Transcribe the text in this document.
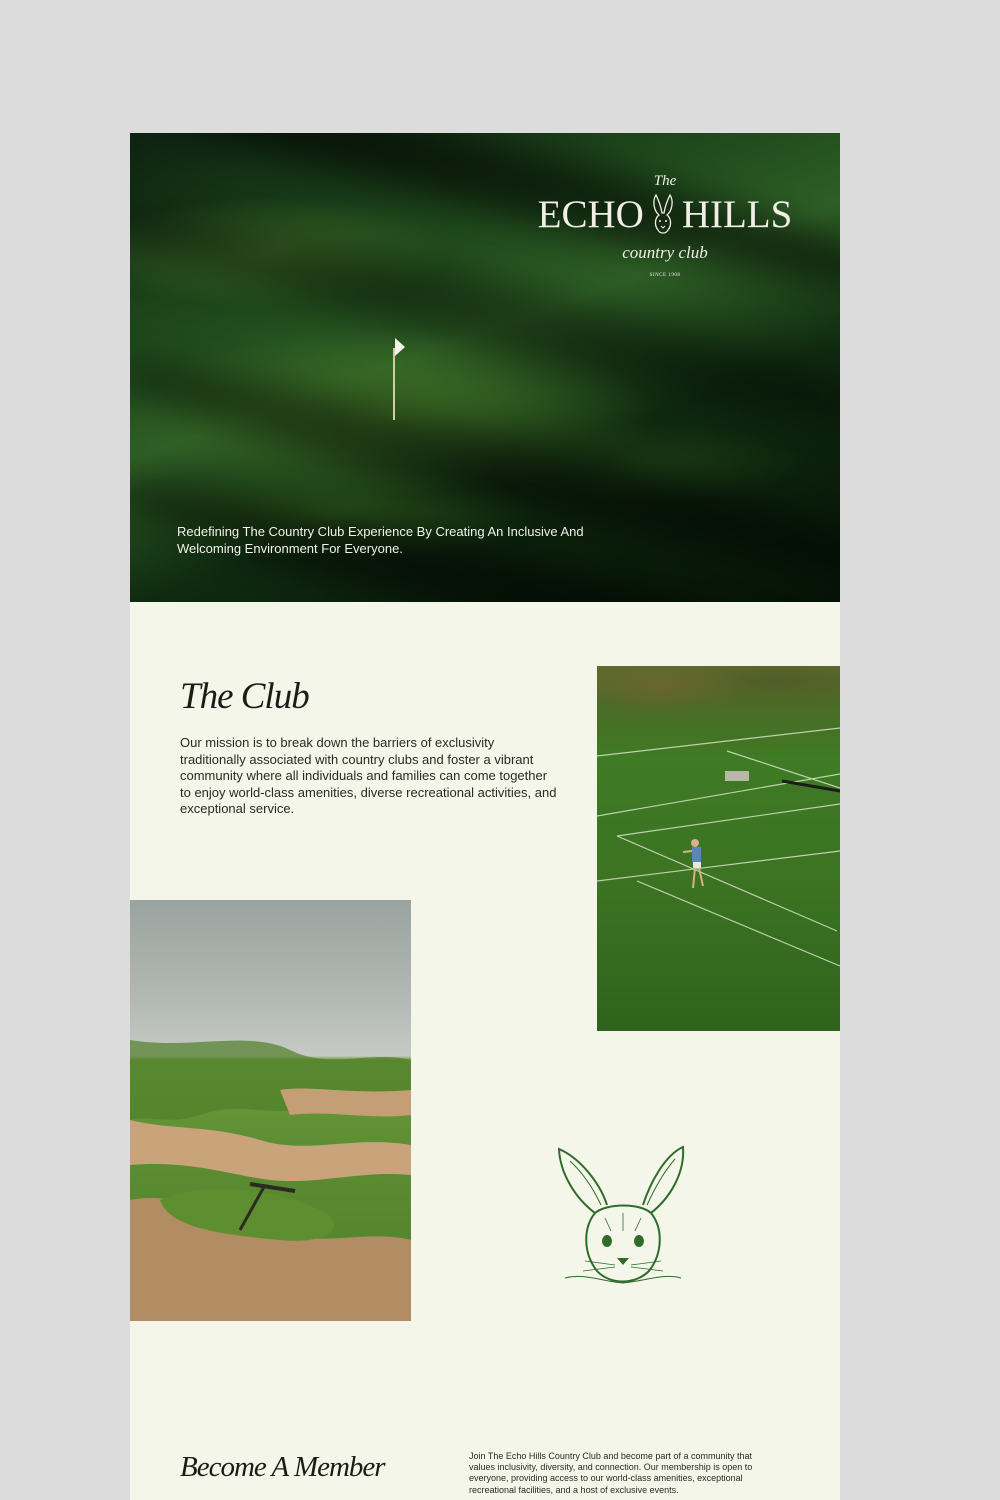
The
ECHO HILLS
country club
SINCE 1908
Redefining The Country Club Experience By Creating An Inclusive And Welcoming Environment For Everyone.
The Club
Our mission is to break down the barriers of exclusivity traditionally associated with country clubs and foster a vibrant community where all individuals and families can come together to enjoy world-class amenities, diverse recreational activities, and exceptional service.
Become A Member	Join The Echo Hills Country Club and become part of a community that values inclusivity, diversity, and connection. Our membership is open to everyone, providing access to our world-class amenities, exceptional recreational facilities, and a host of exclusive events.
